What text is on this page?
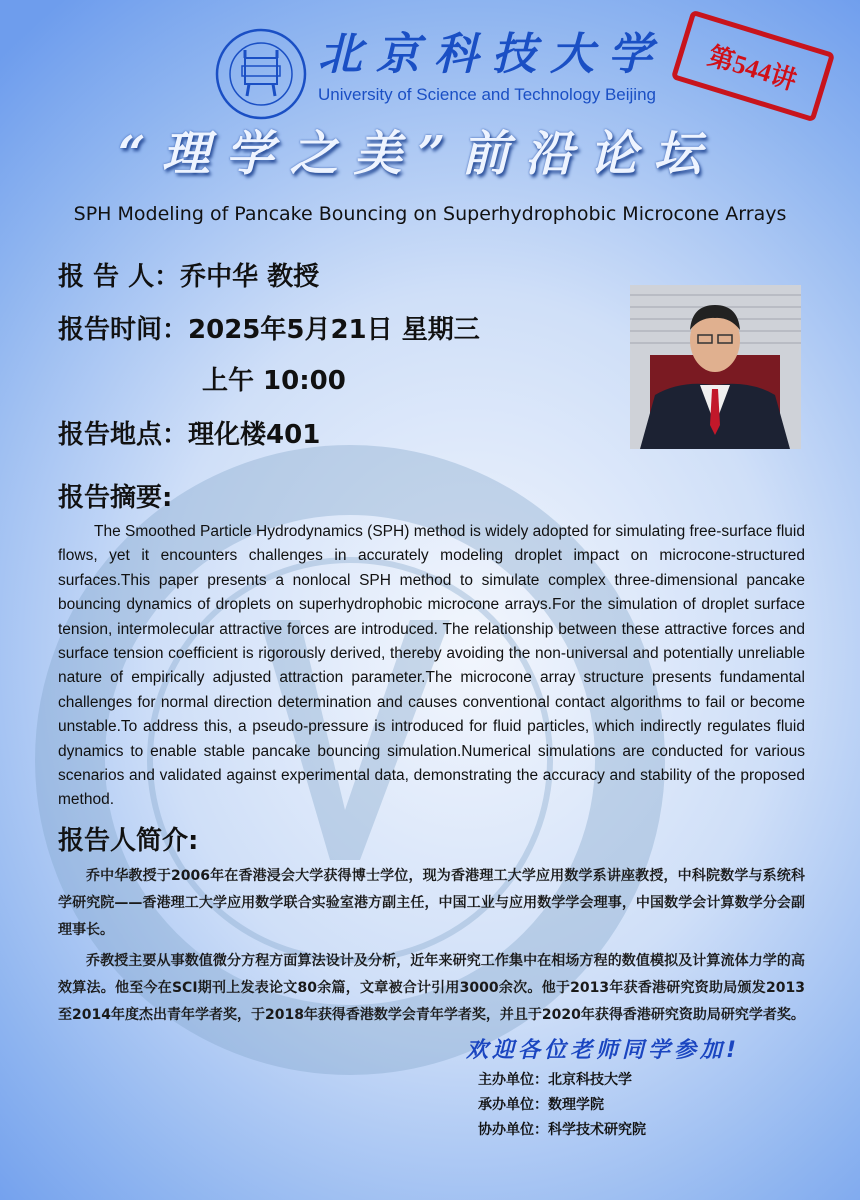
北京科技大学
University of Science and Technology Beijing
“理学之美”前沿论坛
第544讲
SPH Modeling of Pancake Bouncing on Superhydrophobic Microcone Arrays
报 告 人：乔中华 教授
报告时间：2025年5月21日 星期三
上午 10:00
报告地点：理化楼401
报告摘要:
The Smoothed Particle Hydrodynamics (SPH) method is widely adopted for simulating free-surface fluid flows, yet it encounters challenges in accurately modeling droplet impact on microcone-structured surfaces.This paper presents a nonlocal SPH method to simulate complex three-dimensional pancake bouncing dynamics of droplets on superhydrophobic microcone arrays.For the simulation of droplet surface tension, intermolecular attractive forces are introduced. The relationship between these attractive forces and surface tension coefficient is rigorously derived, thereby avoiding the non-universal and potentially unreliable nature of empirically adjusted attraction parameter.The microcone array structure presents fundamental challenges for normal direction determination and causes conventional contact algorithms to fail or become unstable.To address this, a pseudo-pressure is introduced for fluid particles, which indirectly regulates fluid dynamics to enable stable pancake bouncing simulation.Numerical simulations are conducted for various scenarios and validated against experimental data, demonstrating the accuracy and stability of the proposed method.
报告人简介:
乔中华教授于2006年在香港浸会大学获得博士学位，现为香港理工大学应用数学系讲座教授，中科院数学与系统科学研究院——香港理工大学应用数学联合实验室港方副主任，中国工业与应用数学学会理事，中国数学会计算数学分会副理事长。
乔教授主要从事数值微分方程方面算法设计及分析，近年来研究工作集中在相场方程的数值模拟及计算流体力学的高效算法。他至今在SCI期刊上发表论文80余篇，文章被合计引用3000余次。他于2013年获香港研究资助局颁发2013至2014年度杰出青年学者奖，于2018年获得香港数学会青年学者奖，并且于2020年获得香港研究资助局研究学者奖。
欢迎各位老师同学参加!
主办单位：北京科技大学
承办单位：数理学院
协办单位：科学技术研究院
